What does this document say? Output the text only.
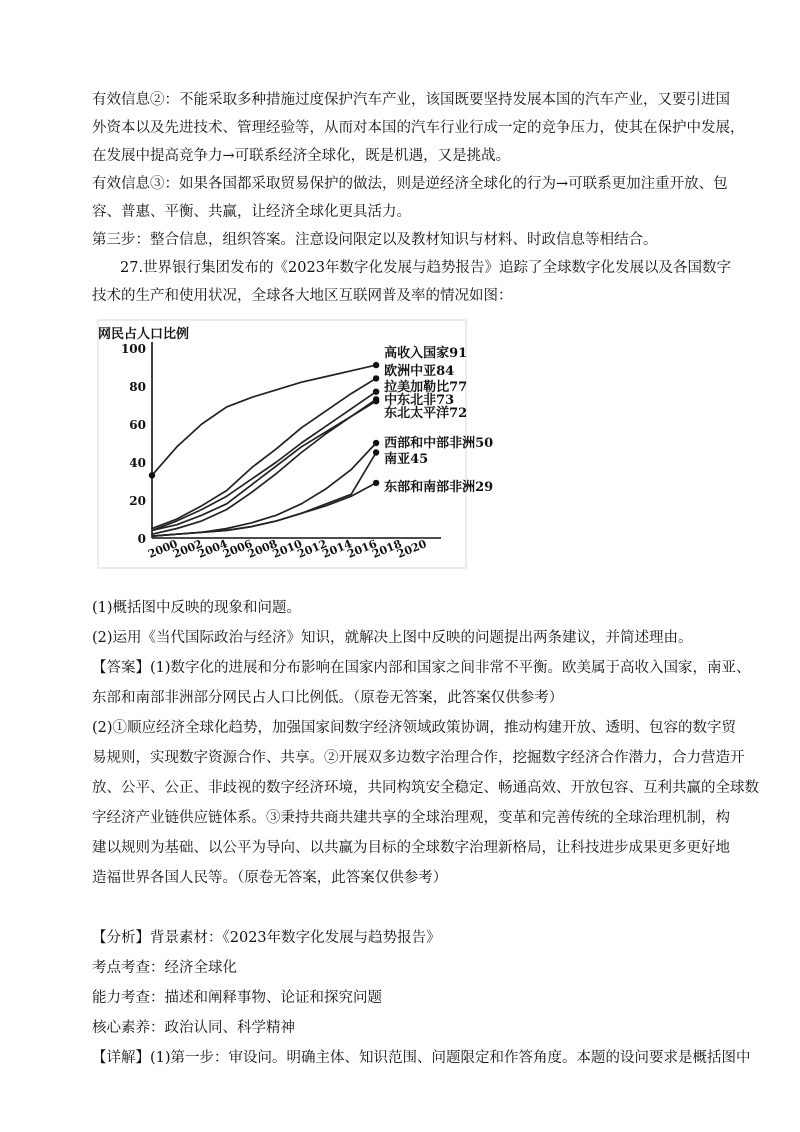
有效信息②：不能采取多种措施过度保护汽车产业，该国既要坚持发展本国的汽车产业，又要引进国
外资本以及先进技术、管理经验等，从而对本国的汽车行业行成一定的竞争压力，使其在保护中发展，
在发展中提高竞争力→可联系经济全球化，既是机遇，又是挑战。
有效信息③：如果各国都采取贸易保护的做法，则是逆经济全球化的行为→可联系更加注重开放、包
容、普惠、平衡、共赢，让经济全球化更具活力。
第三步：整合信息，组织答案。注意设问限定以及教材知识与材料、时政信息等相结合。
27.世界银行集团发布的《2023年数字化发展与趋势报告》追踪了全球数字化发展以及各国数字
技术的生产和使用状况，全球各大地区互联网普及率的情况如图：
网民占人口比例
0
20
40
60
80
100
2000
2002
2004
2006
2008
2010
2012
2014
2016
2018
2020
高收入国家91
欧洲中亚84
拉美加勒比77
中东北非73
东北太平洋72
西部和中部非洲50
南亚45
东部和南部非洲29
(1)概括图中反映的现象和问题。
(2)运用《当代国际政治与经济》知识，就解决上图中反映的问题提出两条建议，并简述理由。
【答案】(1)数字化的进展和分布影响在国家内部和国家之间非常不平衡。欧美属于高收入国家，南亚、
东部和南部非洲部分网民占人口比例低。（原卷无答案，此答案仅供参考）
(2)①顺应经济全球化趋势，加强国家间数字经济领域政策协调，推动构建开放、透明、包容的数字贸
易规则，实现数字资源合作、共享。②开展双多边数字治理合作，挖掘数字经济合作潜力，合力营造开
放、公平、公正、非歧视的数字经济环境，共同构筑安全稳定、畅通高效、开放包容、互利共赢的全球数
字经济产业链供应链体系。③秉持共商共建共享的全球治理观，变革和完善传统的全球治理机制，构
建以规则为基础、以公平为导向、以共赢为目标的全球数字治理新格局，让科技进步成果更多更好地
造福世界各国人民等。（原卷无答案，此答案仅供参考）
【分析】背景素材：《2023年数字化发展与趋势报告》
考点考查：经济全球化
能力考查：描述和阐释事物、论证和探究问题
核心素养：政治认同、科学精神
【详解】(1)第一步：审设问。明确主体、知识范围、问题限定和作答角度。本题的设问要求是概括图中
